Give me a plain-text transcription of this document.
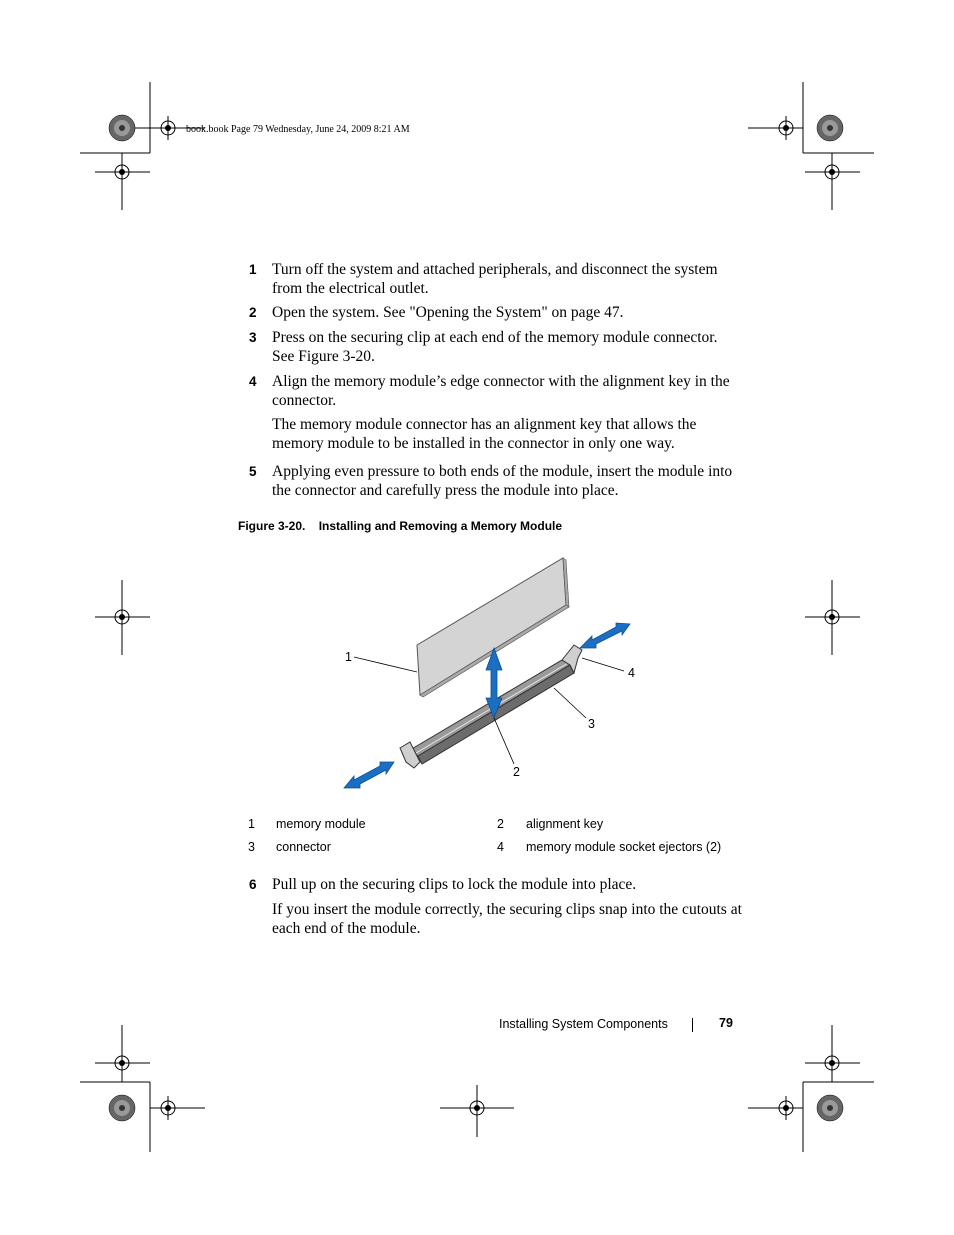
book.book Page 79 Wednesday, June 24, 2009 8:21 AM
1 Turn off the system and attached peripherals, and disconnect the system from the electrical outlet.
2 Open the system. See "Opening the System" on page 47.
3 Press on the securing clip at each end of the memory module connector. See Figure 3-20.
4 Align the memory module’s edge connector with the alignment key in the connector.
The memory module connector has an alignment key that allows the memory module to be installed in the connector in only one way.
5 Applying even pressure to both ends of the module, insert the module into the connector and carefully press the module into place.
Figure 3-20.    Installing and Removing a Memory Module
1
2
3
4
1 memory module	2 alignment key
3 connector	4 memory module socket ejectors (2)
6 Pull up on the securing clips to lock the module into place.
If you insert the module correctly, the securing clips snap into the cutouts at each end of the module.
Installing System Components	79
